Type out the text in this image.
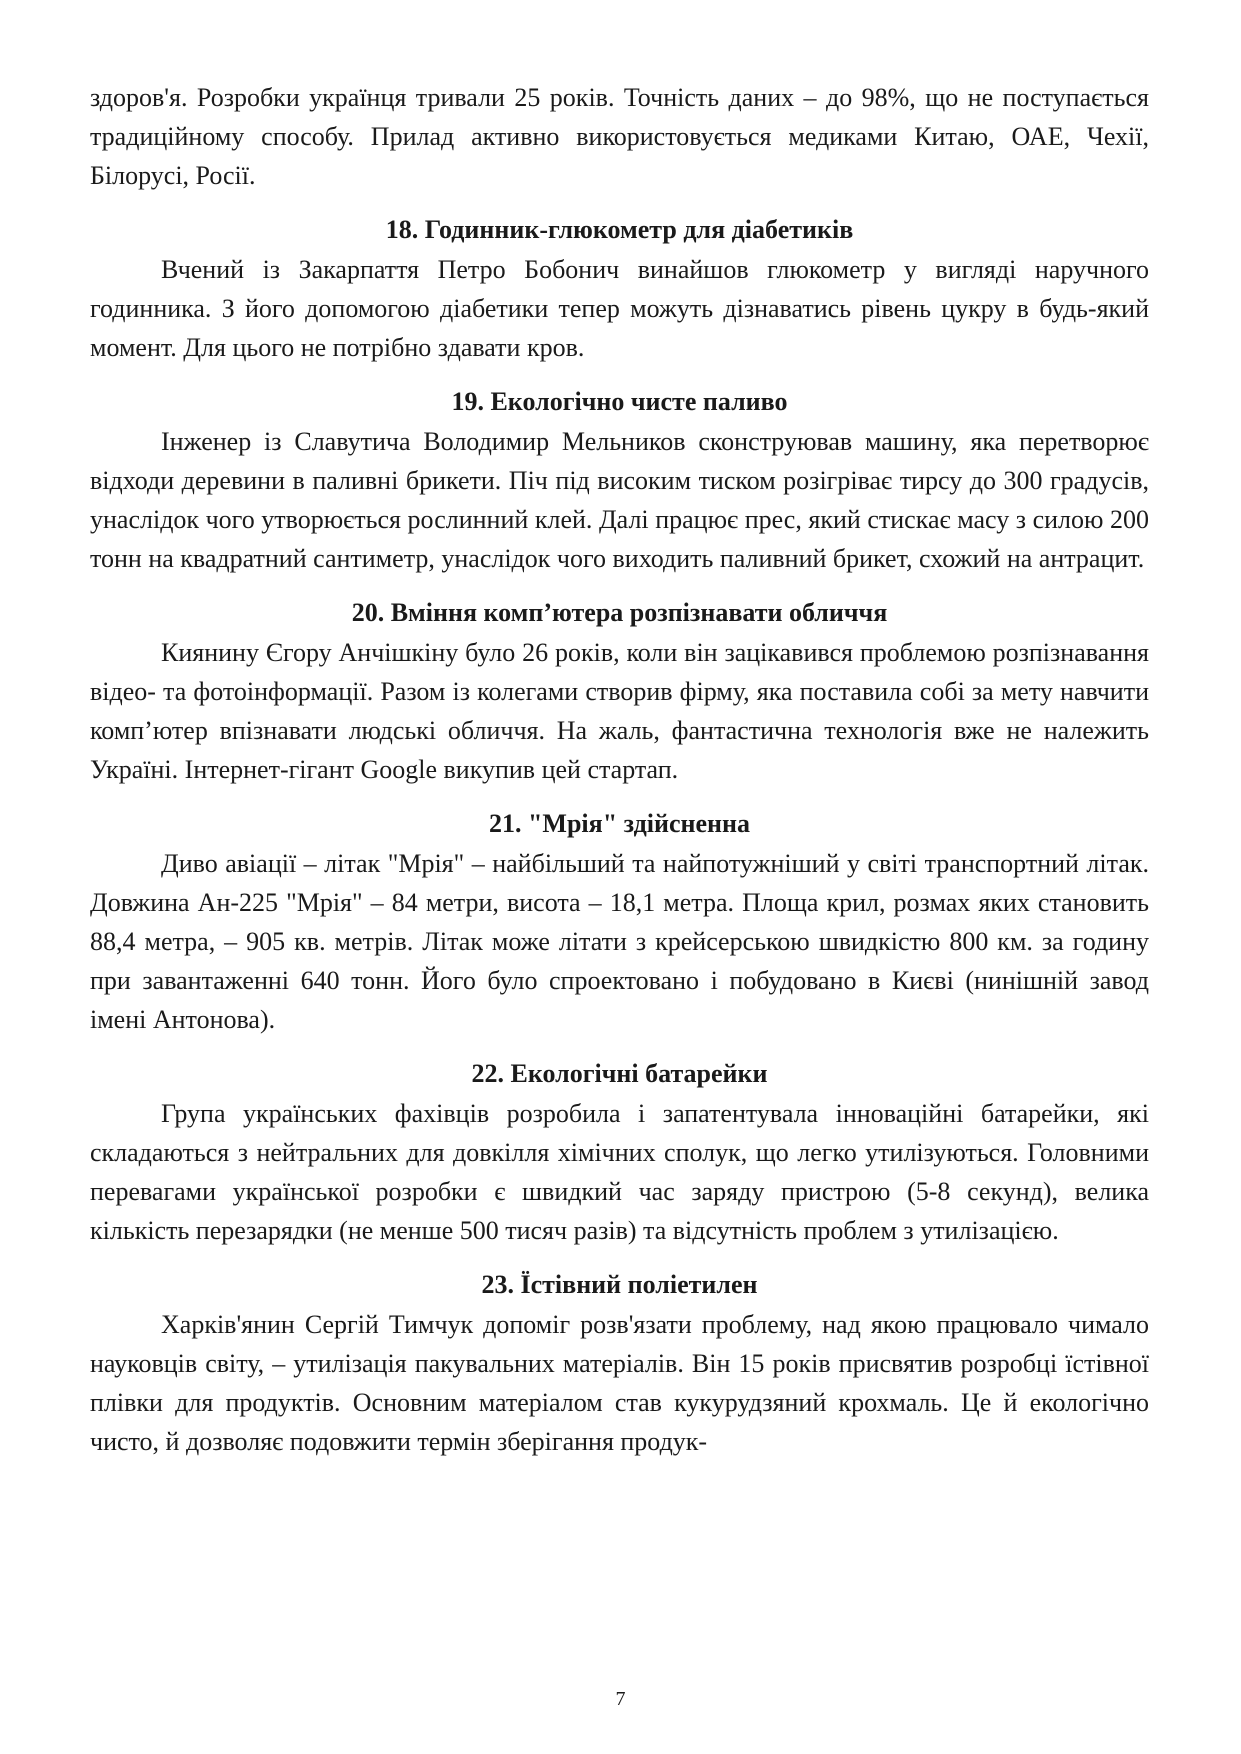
здоров'я. Розробки українця тривали 25 років. Точність даних – до 98%, що не поступається традиційному способу. Прилад активно використовується медиками Китаю, ОАЕ, Чехії, Білорусі, Росії.

18. Годинник-глюкометр для діабетиків

Вчений із Закарпаття Петро Бобонич винайшов глюкометр у вигляді наручного годинника. З його допомогою діабетики тепер можуть дізнаватись рівень цукру в будь-який момент. Для цього не потрібно здавати кров.

19. Екологічно чисте паливо

Інженер із Славутича Володимир Мельников сконструював машину, яка перетворює відходи деревини в паливні брикети. Піч під високим тиском розігріває тирсу до 300 градусів, унаслідок чого утворюється рослинний клей. Далі працює прес, який стискає масу з силою 200 тонн на квадратний сантиметр, унаслідок чого виходить паливний брикет, схожий на антрацит.

20. Вміння комп’ютера розпізнавати обличчя

Киянину Єгору Анчішкіну було 26 років, коли він зацікавився проблемою розпізнавання відео- та фотоінформації. Разом із колегами створив фірму, яка поставила собі за мету навчити комп’ютер впізнавати людські обличчя. На жаль, фантастична технологія вже не належить Україні. Інтернет-гігант Google викупив цей стартап.

21. "Мрія" здійсненна

Диво авіації – літак "Мрія" – найбільший та найпотужніший у світі транспортний літак. Довжина Ан-225 "Мрія" – 84 метри, висота – 18,1 метра. Площа крил, розмах яких становить 88,4 метра, – 905 кв. метрів. Літак може літати з крейсерською швидкістю 800 км. за годину при завантаженні 640 тонн. Його було спроектовано і побудовано в Києві (нинішній завод імені Антонова).

22. Екологічні батарейки

Група українських фахівців розробила і запатентувала інноваційні батарейки, які складаються з нейтральних для довкілля хімічних сполук, що легко утилізуються. Головними перевагами української розробки є швидкий час заряду пристрою (5-8 секунд), велика кількість перезарядки (не менше 500 тисяч разів) та відсутність проблем з утилізацією.

23. Їстівний поліетилен

Харків'янин Сергій Тимчук допоміг розв'язати проблему, над якою працювало чимало науковців світу, – утилізація пакувальних матеріалів. Він 15 років присвятив розробці їстівної плівки для продуктів. Основним матеріалом став кукурудзяний крохмаль. Це й екологічно чисто, й дозволяє подовжити термін зберігання продук-

7
